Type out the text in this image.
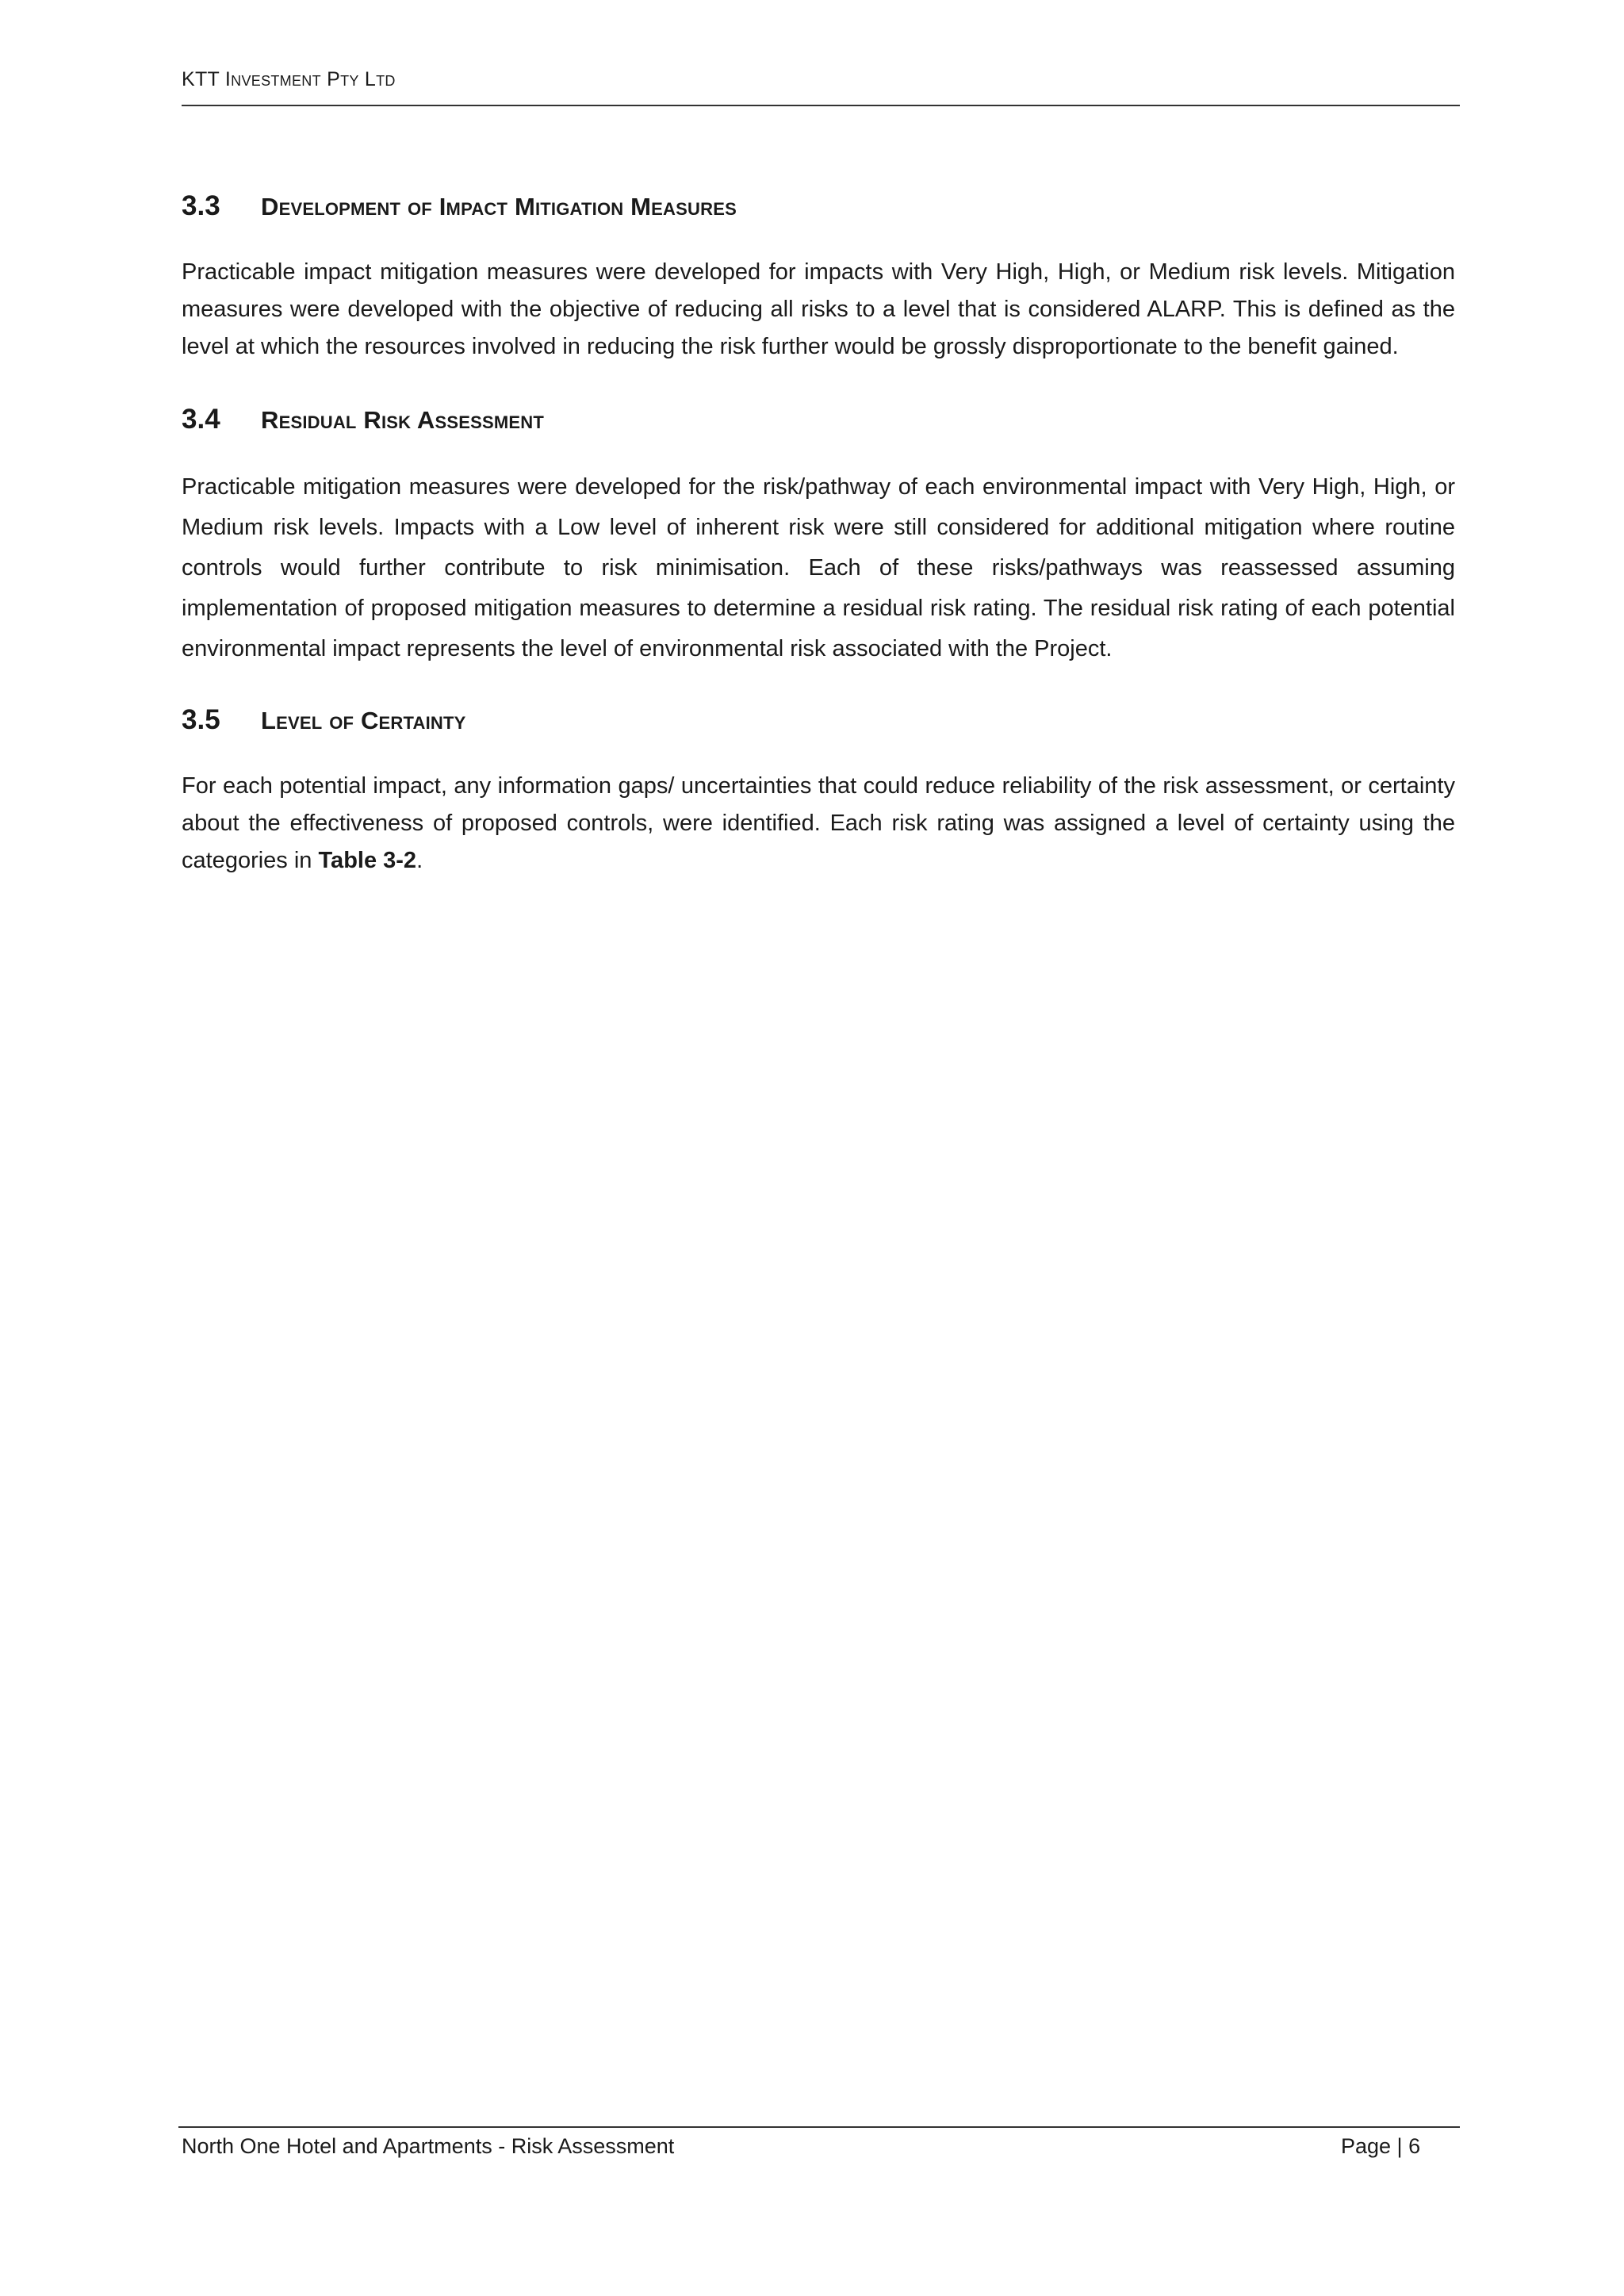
KTT Investment Pty Ltd
3.3	Development of Impact Mitigation Measures

Practicable impact mitigation measures were developed for impacts with Very High, High, or Medium risk levels. Mitigation measures were developed with the objective of reducing all risks to a level that is considered ALARP. This is defined as the level at which the resources involved in reducing the risk further would be grossly disproportionate to the benefit gained.

3.4	Residual Risk Assessment

Practicable mitigation measures were developed for the risk/pathway of each environmental impact with Very High, High, or Medium risk levels. Impacts with a Low level of inherent risk were still considered for additional mitigation where routine controls would further contribute to risk minimisation. Each of these risks/pathways was reassessed assuming implementation of proposed mitigation measures to determine a residual risk rating. The residual risk rating of each potential environmental impact represents the level of environmental risk associated with the Project.

3.5	Level of Certainty

For each potential impact, any information gaps/ uncertainties that could reduce reliability of the risk assessment, or certainty about the effectiveness of proposed controls, were identified. Each risk rating was assigned a level of certainty using the categories in Table 3-2.

North One Hotel and Apartments - Risk Assessment	Page | 6
